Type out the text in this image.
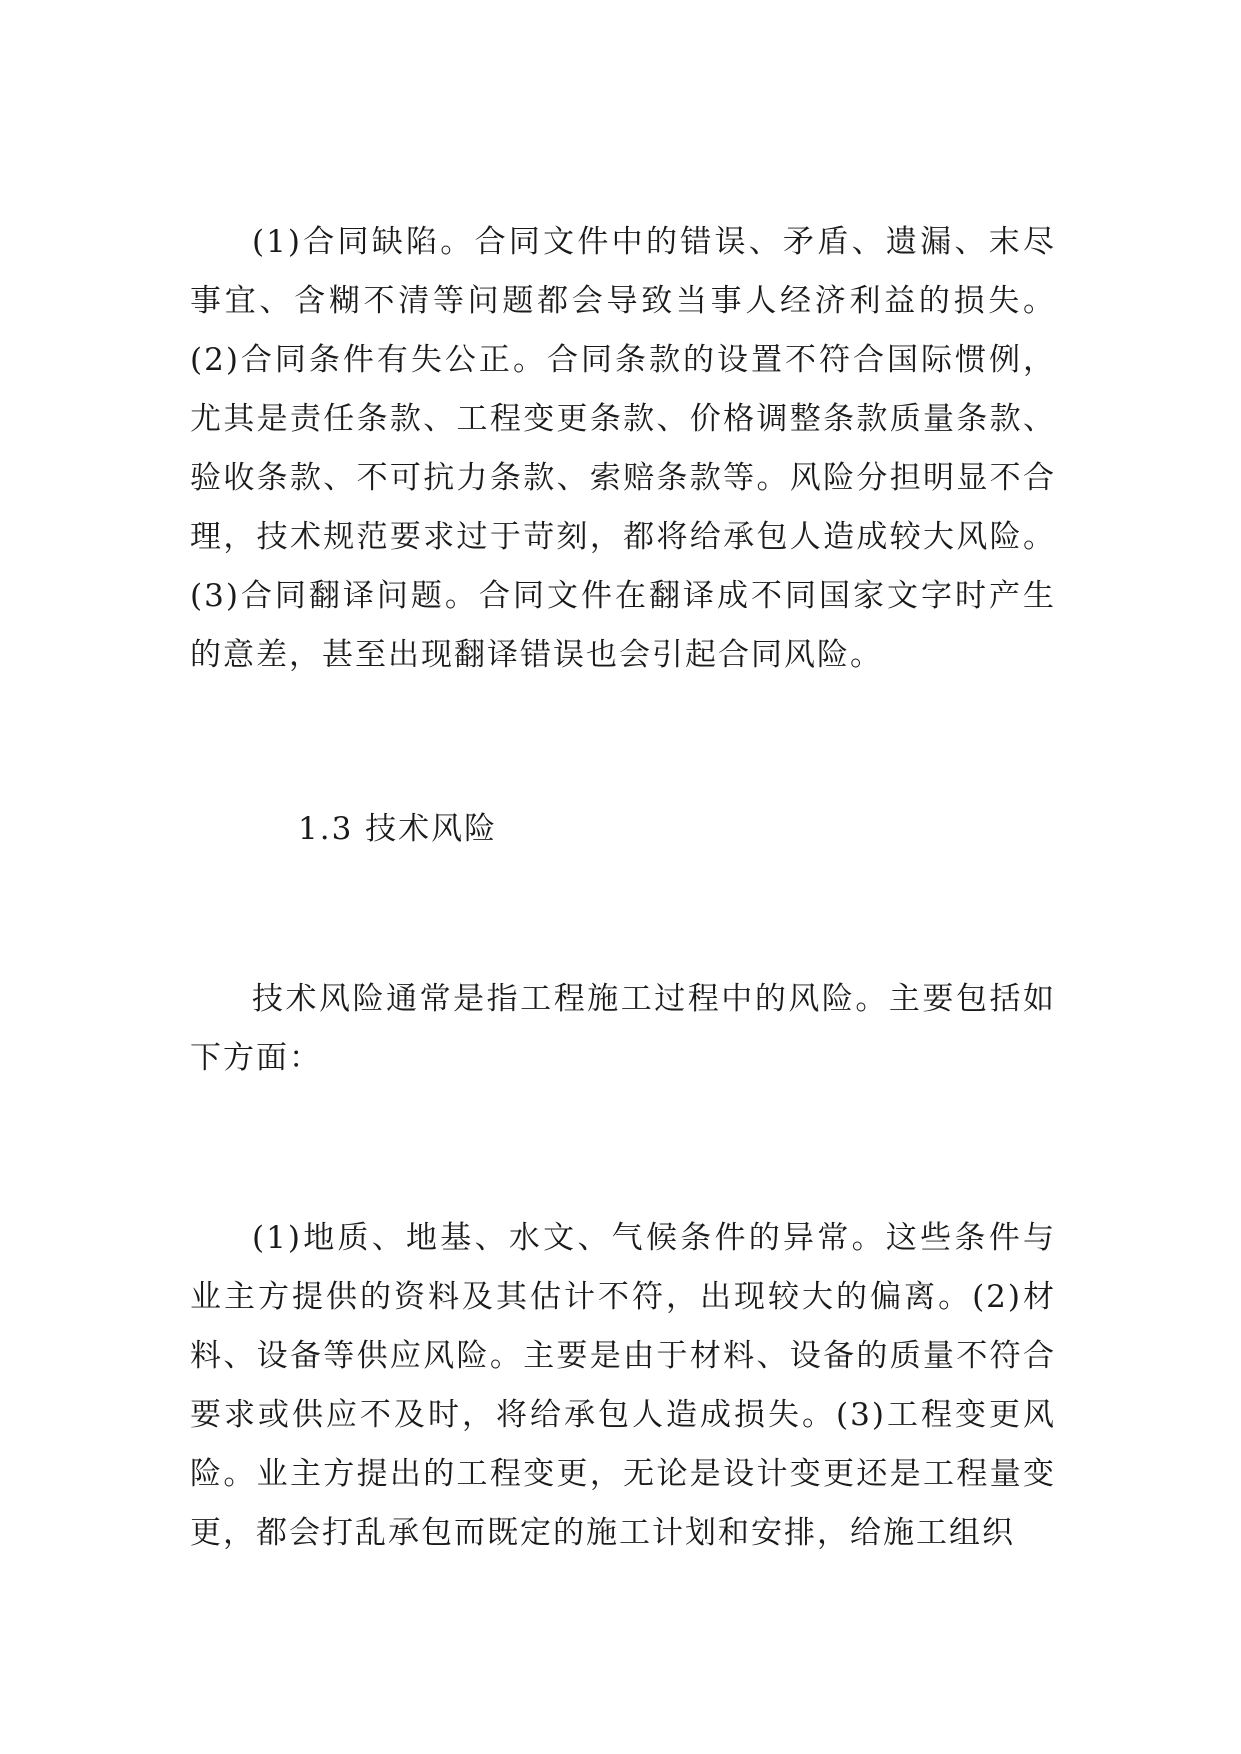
(1)合同缺陷。合同文件中的错误、矛盾、遗漏、末尽事宜、含糊不清等问题都会导致当事人经济利益的损失。(2)合同条件有失公正。合同条款的设置不符合国际惯例，尤其是责任条款、工程变更条款、价格调整条款质量条款、验收条款、不可抗力条款、索赔条款等。风险分担明显不合理，技术规范要求过于苛刻，都将给承包人造成较大风险。(3)合同翻译问题。合同文件在翻译成不同国家文字时产生的意差，甚至出现翻译错误也会引起合同风险。

1.3 技术风险

技术风险通常是指工程施工过程中的风险。主要包括如下方面：

(1)地质、地基、水文、气候条件的异常。这些条件与业主方提供的资料及其估计不符，出现较大的偏离。(2)材料、设备等供应风险。主要是由于材料、设备的质量不符合要求或供应不及时，将给承包人造成损失。(3)工程变更风险。业主方提出的工程变更，无论是设计变更还是工程量变更，都会打乱承包而既定的施工计划和安排，给施工组织
